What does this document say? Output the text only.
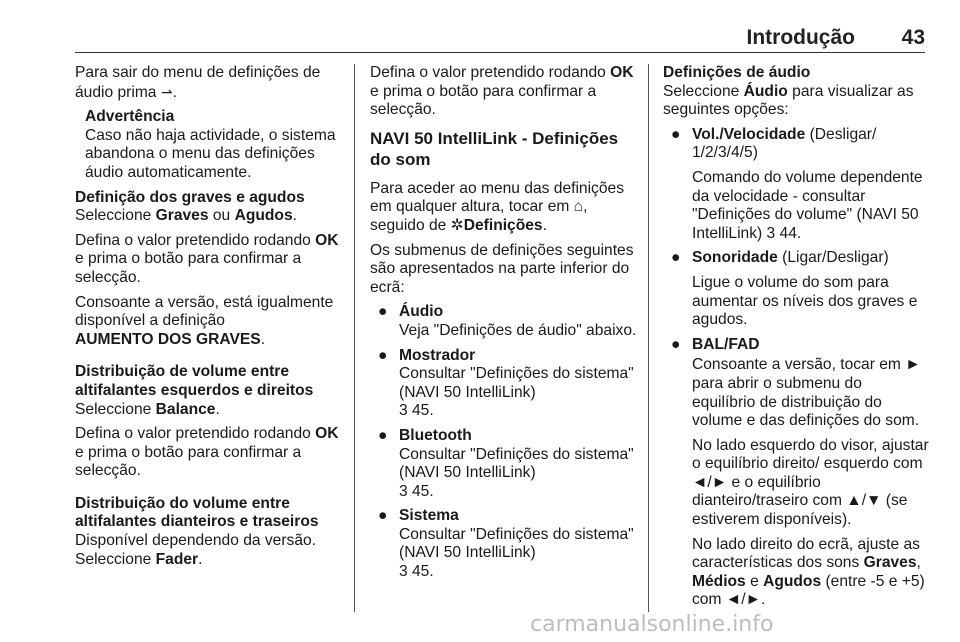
Introdução 43

Para sair do menu de definições de áudio prima ⇀.

Advertência
Caso não haja actividade, o sistema abandona o menu das definições áudio automaticamente.

Definição dos graves e agudos

Seleccione Graves ou Agudos.

Defina o valor pretendido rodando OK e prima o botão para confirmar a selecção.

Consoante a versão, está igualmente disponível a definição
AUMENTO DOS GRAVES.

Distribuição de volume entre altifalantes esquerdos e direitos

Seleccione Balance.

Defina o valor pretendido rodando OK e prima o botão para confirmar a selecção.

Distribuição do volume entre altifalantes dianteiros e traseiros

Disponível dependendo da versão.

Seleccione Fader.

Defina o valor pretendido rodando OK e prima o botão para confirmar a selecção.

NAVI 50 IntelliLink - Definições do som

Para aceder ao menu das definições em qualquer altura, tocar em ⌂, seguido de ✲Definições.

Os submenus de definições seguintes são apresentados na parte inferior do ecrã:

● Áudio

Veja "Definições de áudio" abaixo.

● Mostrador

Consultar "Definições do sistema" (NAVI 50 IntelliLink)

3 45.

● Bluetooth

Consultar "Definições do sistema" (NAVI 50 IntelliLink)

3 45.

● Sistema

Consultar "Definições do sistema" (NAVI 50 IntelliLink)

3 45.

Definições de áudio

Seleccione Áudio para visualizar as seguintes opções:

● Vol./Velocidade (Desligar/ 1/2/3/4/5)

Comando do volume dependente da velocidade - consultar "Definições do volume" (NAVI 50 IntelliLink) 3 44.

● Sonoridade (Ligar/Desligar)

Ligue o volume do som para aumentar os níveis dos graves e agudos.

● BAL/FAD

Consoante a versão, tocar em ► para abrir o submenu do equilíbrio de distribuição do volume e das definições do som.

No lado esquerdo do visor, ajustar o equilíbrio direito/ esquerdo com ◄/► e o equilíbrio dianteiro/traseiro com ▲/▼ (se estiverem disponíveis).

No lado direito do ecrã, ajuste as características dos sons Graves, Médios e Agudos (entre -5 e +5) com ◄/►.

carmanualsonline.info
